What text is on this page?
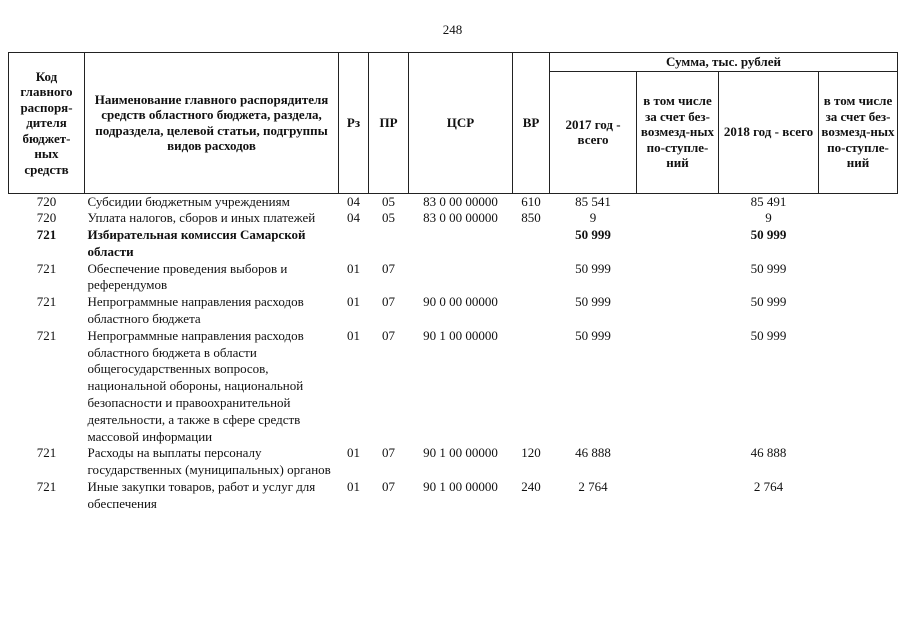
248
Код главного распоря-дителя бюджет-ных средств	Наименование главного распорядителя средств областного бюджета, раздела, подраздела, целевой статьи, подгруппы видов расходов	Рз	ПР	ЦСР	ВР	Сумма, тыс. рублей			
						2017 год - всего	в том числе за счет без-возмезд-ных по-ступле-ний	2018 год - всего	в том числе за счет без-возмезд-ных по-ступле-ний
720	Субсидии бюджетным учреждениям	04	05	83 0 00 00000	610	85 541		85 491	
720	Уплата налогов, сборов и иных платежей	04	05	83 0 00 00000	850	9		9	
721	Избирательная комиссия Самарской области					50 999		50 999	
721	Обеспечение проведения выборов и референдумов	01	07			50 999		50 999	
721	Непрограммные направления расходов областного бюджета	01	07	90 0 00 00000		50 999		50 999	
721	Непрограммные направления расходов областного бюджета в области общегосударственных вопросов, национальной обороны, национальной безопасности и правоохранительной деятельности, а также в сфере средств массовой информации	01	07	90 1 00 00000		50 999		50 999	
721	Расходы на выплаты персоналу государственных (муниципальных) органов	01	07	90 1 00 00000	120	46 888		46 888	
721	Иные закупки товаров, работ и услуг для обеспечения	01	07	90 1 00 00000	240	2 764		2 764	
